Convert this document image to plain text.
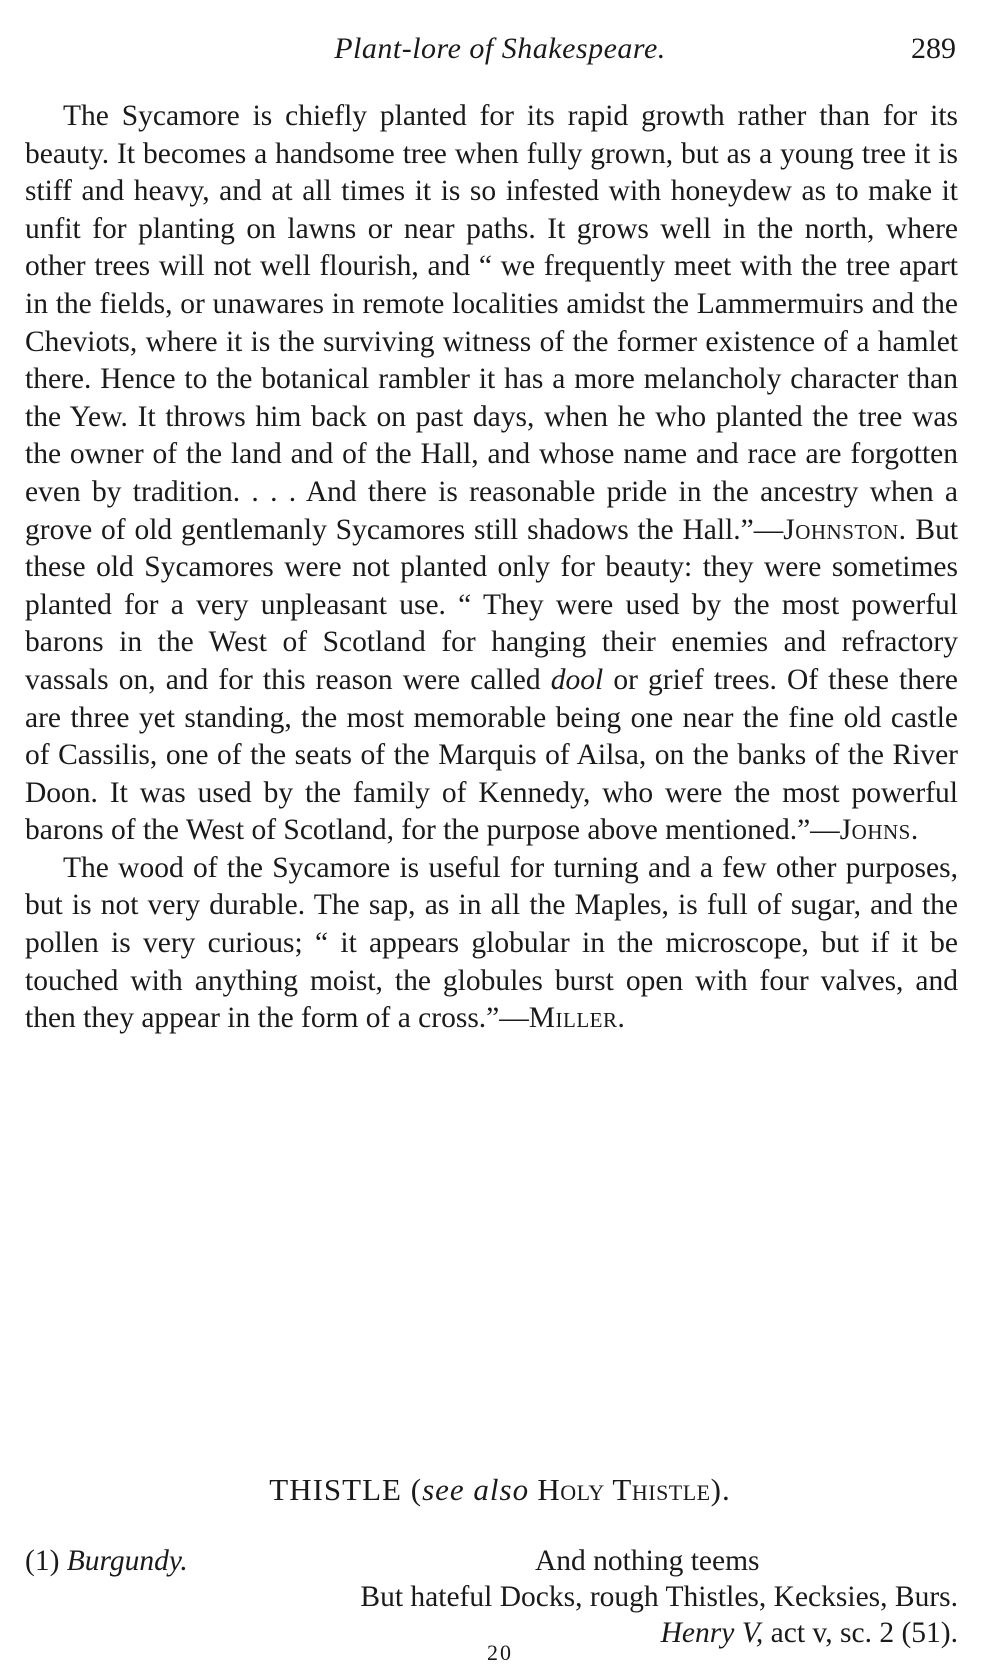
Plant-lore of Shakespeare.	289

The Sycamore is chiefly planted for its rapid growth rather than for its beauty. It becomes a handsome tree when fully grown, but as a young tree it is stiff and heavy, and at all times it is so infested with honeydew as to make it unfit for planting on lawns or near paths. It grows well in the north, where other trees will not well flourish, and “ we frequently meet with the tree apart in the fields, or unawares in remote localities amidst the Lammermuirs and the Cheviots, where it is the surviving witness of the former existence of a hamlet there. Hence to the botanical rambler it has a more melancholy character than the Yew. It throws him back on past days, when he who planted the tree was the owner of the land and of the Hall, and whose name and race are forgotten even by tradition. . . . And there is reasonable pride in the ancestry when a grove of old gentlemanly Sycamores still shadows the Hall.”—Johnston. But these old Sycamores were not planted only for beauty: they were sometimes planted for a very unpleasant use. “ They were used by the most powerful barons in the West of Scotland for hanging their enemies and refractory vassals on, and for this reason were called dool or grief trees. Of these there are three yet standing, the most memorable being one near the fine old castle of Cassilis, one of the seats of the Marquis of Ailsa, on the banks of the River Doon. It was used by the family of Kennedy, who were the most powerful barons of the West of Scotland, for the purpose above mentioned.”—Johns.

The wood of the Sycamore is useful for turning and a few other purposes, but is not very durable. The sap, as in all the Maples, is full of sugar, and the pollen is very curious; “ it appears globular in the microscope, but if it be touched with anything moist, the globules burst open with four valves, and then they appear in the form of a cross.”—Miller.

THISTLE (see also Holy Thistle).
(1) Burgundy.	And nothing teems
But hateful Docks, rough Thistles, Kecksies, Burs.
Henry V, act v, sc. 2 (51).
20
